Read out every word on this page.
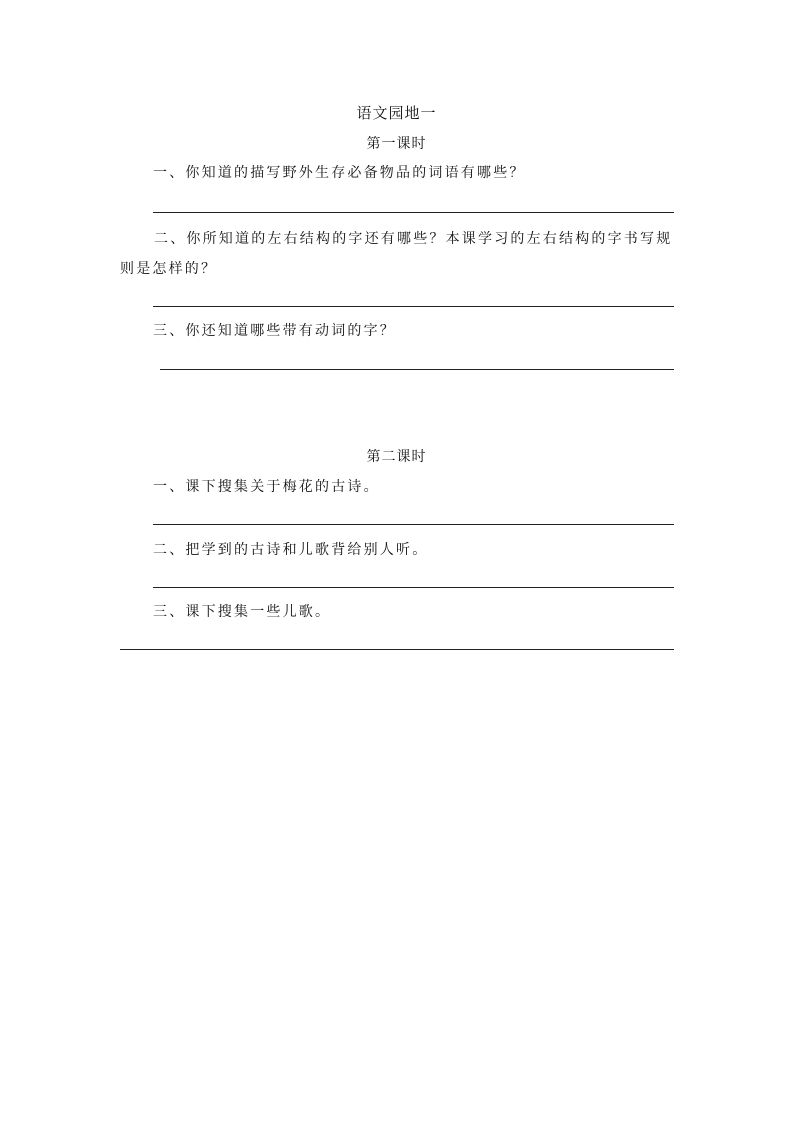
语文园地一
第一课时
一、你知道的描写野外生存必备物品的词语有哪些？
二、你所知道的左右结构的字还有哪些？本课学习的左右结构的字书写规则是怎样的？
三、你还知道哪些带有动词的字？
第二课时
一、课下搜集关于梅花的古诗。
二、把学到的古诗和儿歌背给别人听。
三、课下搜集一些儿歌。
